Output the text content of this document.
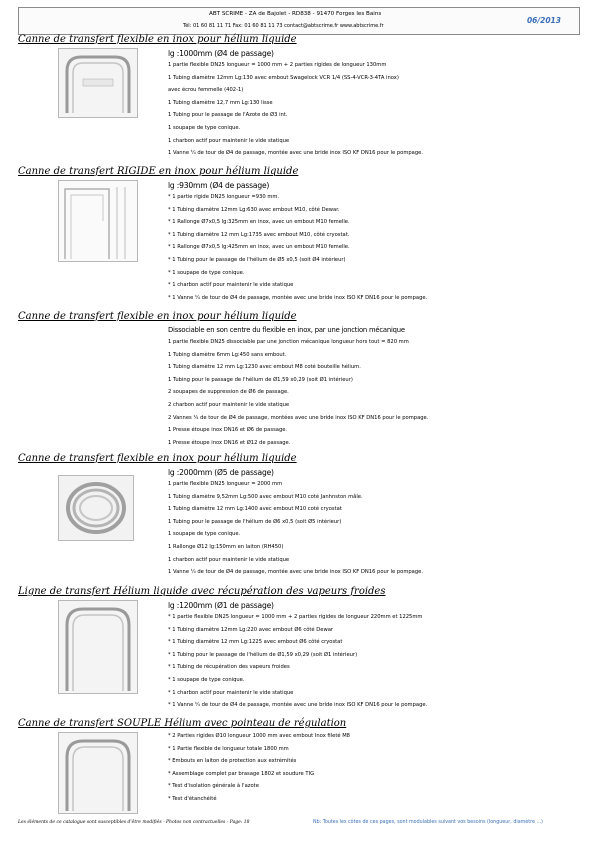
ABT SCRIME - ZA de Bajolet - RD838 - 91470 Forges les Bains
Tél: 01 60 81 11 71 Fax: 01 60 81 11 73 contact@abtscrime.fr www.abtscrime.fr
06/2013
Canne de transfert flexible en inox pour hélium liquide
lg :1000mm (Ø4 de passage)
1 partie flexible DN25 longueur = 1000 mm + 2 parties rigides de longueur 130mm
1 Tubing diamètre 12mm Lg:130 avec embout Swagelock VCR 1/4 (SS-4-VCR-3-4TA inox)
avec écrou femmelle (402-1)
1 Tubing diamètre 12,7 mm Lg:130 lisse
1 Tubing pour le passage de l'Azote de Ø3 int.
1 soupape de type conique.
1 charbon actif pour maintenir le vide statique
1 Vanne ¼ de tour de Ø4 de passage, montée avec une bride inox ISO KF DN16 pour le pompage.
Canne de transfert RIGIDE en inox pour hélium liquide
lg :930mm (Ø4 de passage)
* 1 partie rigide DN25 longueur =930 mm.
* 1 Tubing diamètre 12mm Lg:630 avec embout M10, côté Dewar.
* 1 Rallonge Ø7x0,5 lg:325mm en inox, avec un embout M10 femelle.
* 1 Tubing diamètre 12 mm Lg:1735 avec embout M10, côté cryostat.
* 1 Rallonge Ø7x0,5 lg:425mm en inox, avec un embout M10 femelle.
* 1 Tubing pour le passage de l'hélium de Ø5 x0,5 (soit Ø4 intérieur)
* 1 soupape de type conique.
* 1 charbon actif pour maintenir le vide statique
* 1 Vanne ¼ de tour de Ø4 de passage, montée avec une bride inox ISO KF DN16 pour le pompage.
Canne de transfert flexible en inox pour hélium liquide
Dissociable en son centre du flexible en inox, par une jonction mécanique
1 partie flexible DN25 dissociable par une jonction mécanique longueur hors tout = 820 mm
1 Tubing diamètre 6mm Lg:450 sans embout.
1 Tubing diamètre 12 mm Lg:1230 avec embout M8 coté bouteille hélium.
1 Tubing pour le passage de l'hélium de Ø1,59 x0,29 (soit Ø1 intérieur)
2 soupapes de suppression de Ø6 de passage.
2 charbon actif pour maintenir le vide statique
2 Vannes ¼ de tour de Ø4 de passage, montées avec une bride inox ISO KF DN16 pour le pompage.
1 Presse étoupe inox DN16 et Ø6 de passage.
1 Presse étoupe inox DN16 et Ø12 de passage.
Canne de transfert flexible en inox pour hélium liquide
lg :2000mm (Ø5 de passage)
1 partie flexible DN25 longueur = 2000 mm
1 Tubing diamètre 9,52mm Lg:500 avec embout M10 coté Janhnston mâle.
1 Tubing diamètre 12 mm Lg:1400 avec embout M10 coté cryostat
1 Tubing pour le passage de l'hélium de Ø6 x0,5 (soit Ø5 intérieur)
1 soupape de type conique.
1 Rallonge Ø12 lg:150mm en laiton (RH450)
1 charbon actif pour maintenir le vide statique
1 Vanne ¼ de tour de Ø4 de passage, montée avec une bride inox ISO KF DN16 pour le pompage.
Ligne de transfert Hélium liquide avec récupération des vapeurs froides
lg :1200mm (Ø1 de passage)
* 1 partie flexible DN25 longueur = 1000 mm + 2 parties rigides de longueur 220mm et 1225mm
* 1 Tubing diamètre 12mm Lg:220 avec embout Ø6 côté Dewar
* 1 Tubing diamètre 12 mm Lg:1225 avec embout Ø6 côté cryostat
* 1 Tubing pour le passage de l'hélium de Ø1,59 x0,29 (soit Ø1 intérieur)
* 1 Tubing de récupération des vapeurs froides
* 1 soupape de type conique.
* 1 charbon actif pour maintenir le vide statique
* 1 Vanne ¼ de tour de Ø4 de passage, montée avec une bride inox ISO KF DN16 pour le pompage.
Canne de transfert SOUPLE Hélium avec pointeau de régulation
* 2 Parties rigides Ø10 longueur 1000 mm avec embout Inox fileté M8
* 1 Partie flexible de longueur totale 1800 mm
* Embouts en laiton de protection aux extrémités
* Assemblage complet par brasage 1802 et soudure TIG
* Test d'isolation générale à l'azote
* Test d'étanchéité
Les éléments de ce catalogue sont susceptibles d'être modifiés - Photos non contractuelles - Page: 18	Nb: Toutes les côtes de ces pages, sont modulables suivant vos besoins (longueur, diamètre ...)
